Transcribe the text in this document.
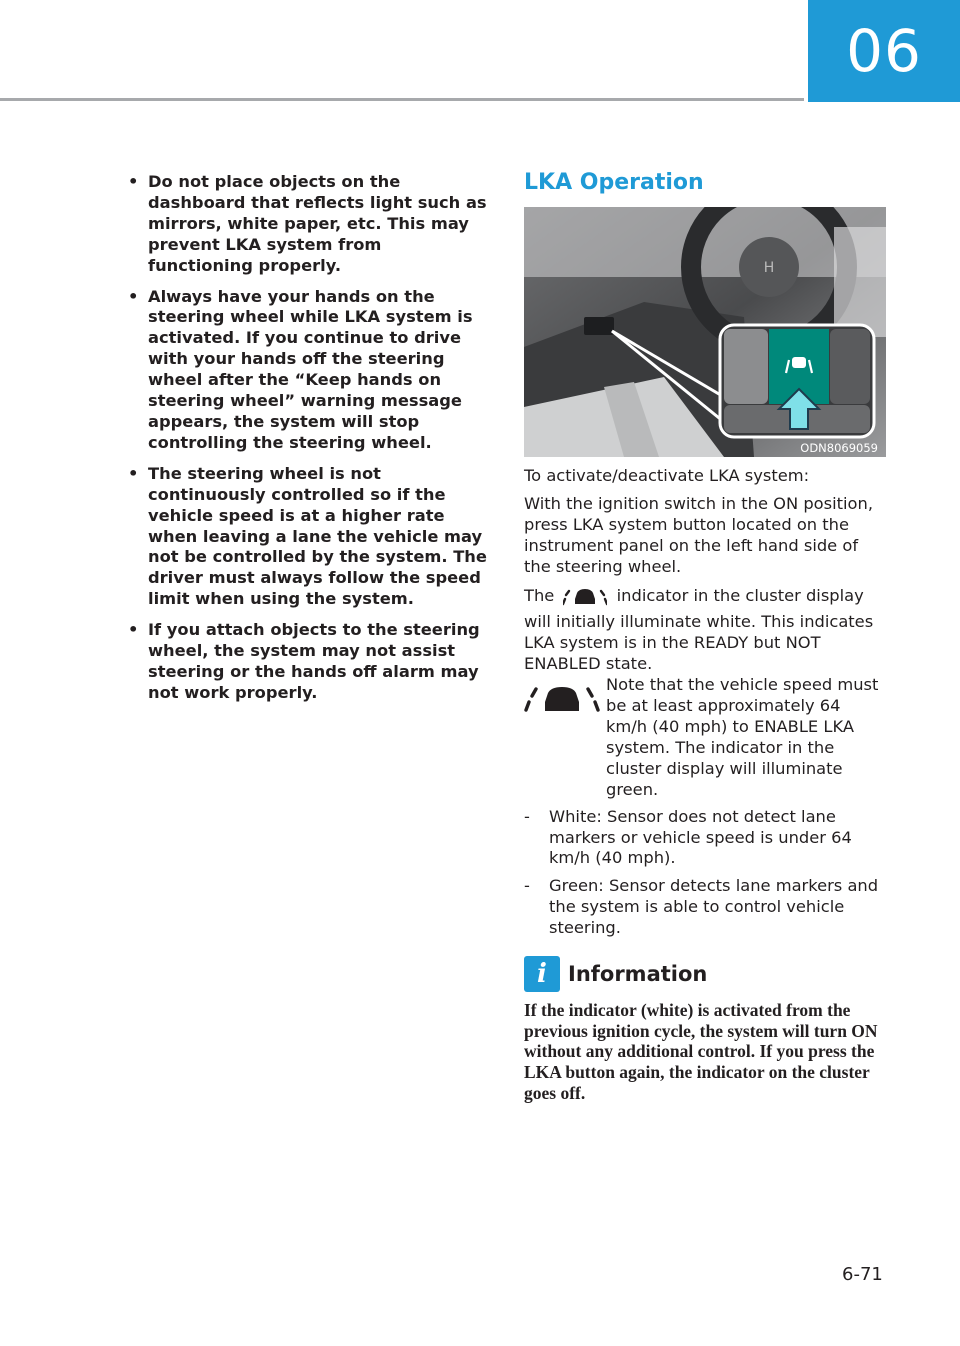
06
• Do not place objects on the dashboard that reflects light such as mirrors, white paper, etc. This may prevent LKA system from functioning properly.
• Always have your hands on the steering wheel while LKA system is activated. If you continue to drive with your hands off the steering wheel after the “Keep hands on steering wheel” warning message appears, the system will stop controlling the steering wheel.
• The steering wheel is not continuously controlled so if the vehicle speed is at a higher rate when leaving a lane the vehicle may not be controlled by the system. The driver must always follow the speed limit when using the system.
• If you attach objects to the steering wheel, the system may not assist steering or the hands off alarm may not work properly.
LKA Operation
H
ODN8069059

To activate/deactivate LKA system:

With the ignition switch in the ON position, press LKA system button located on the instrument panel on the left hand side of the steering wheel.

The	indicator in the cluster display will initially illuminate white. This indicates LKA system is in the READY but NOT ENABLED state.

Note that the vehicle speed must be at least approximately 64 km/h (40 mph) to ENABLE LKA system. The indicator in the cluster display will illuminate green.
- White: Sensor does not detect lane markers or vehicle speed is under 64 km/h (40 mph).
- Green: Sensor detects lane markers and the system is able to control vehicle steering.
i	Information
If the indicator (white) is activated from the previous ignition cycle, the system will turn ON without any additional control. If you press the LKA button again, the indicator on the cluster goes off.
6-71
